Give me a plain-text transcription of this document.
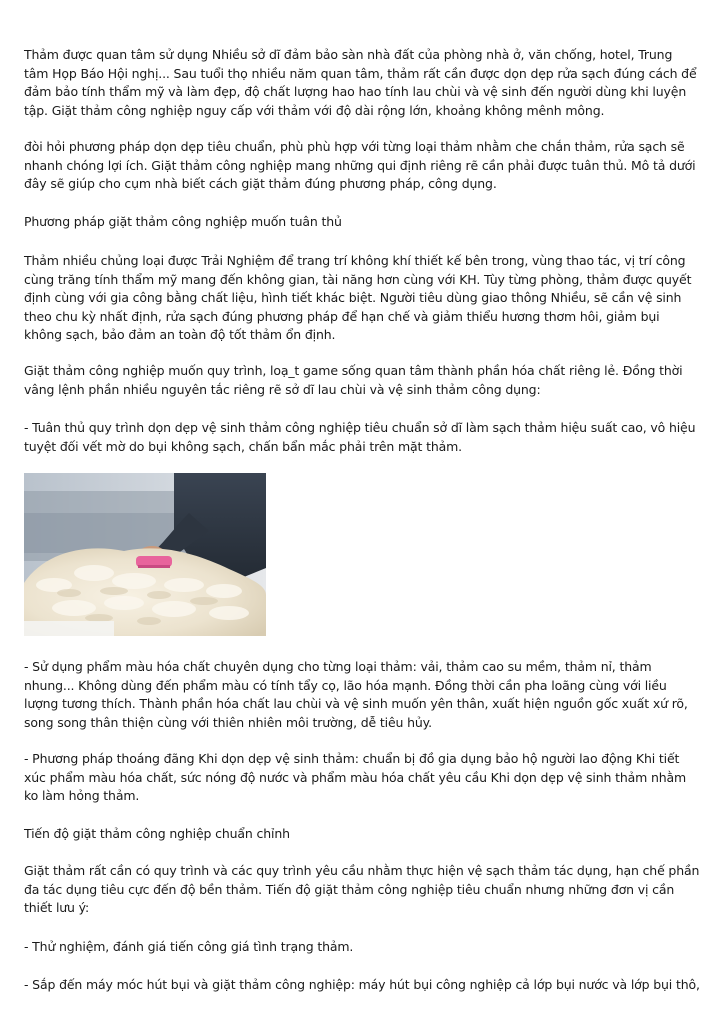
Thảm được quan tâm sử dụng Nhiều sở dĩ đảm bảo sàn nhà đất của phòng nhà ở, văn chống, hotel, Trung tâm Họp Báo Hội nghị... Sau tuổi thọ nhiều năm quan tâm, thảm rất cần được dọn dẹp rửa sạch đúng cách để đảm bảo tính thẩm mỹ và làm đẹp, độ chất lượng hao hao tính lau chùi và vệ sinh đến người dùng khi luyện tập. Giặt thảm công nghiệp nguy cấp với thảm với độ dài rộng lớn, khoảng không mênh mông.

đòi hỏi phương pháp dọn dẹp tiêu chuẩn, phù phù hợp với từng loại thảm nhằm che chắn thảm, rửa sạch sẽ nhanh chóng lợi ích. Giặt thảm công nghiệp mang những qui định riêng rẽ cần phải được tuân thủ. Mô tả dưới đây sẽ giúp cho cụm nhà biết cách giặt thảm đúng phương pháp, công dụng.

Phương pháp giặt thảm công nghiệp muốn tuân thủ

Thảm nhiều chủng loại được Trải Nghiệm để trang trí không khí thiết kế bên trong, vùng thao tác, vị trí công cùng trăng tính thẩm mỹ mang đến không gian, tài năng hơn cùng với KH. Tùy từng phòng, thảm được quyết định cùng với gia công bằng chất liệu, hình tiết khác biệt. Người tiêu dùng giao thông Nhiều, sẽ cần vệ sinh theo chu kỳ nhất định, rửa sạch đúng phương pháp để hạn chế và giảm thiểu hương thơm hôi, giảm bụi không sạch, bảo đảm an toàn độ tốt thảm ổn định.

Giặt thảm công nghiệp muốn quy trình, loạ_t game sống quan tâm thành phần hóa chất riêng lẻ. Đồng thời vâng lệnh phần nhiều nguyên tắc riêng rẽ sở dĩ lau chùi và vệ sinh thảm công dụng:

- Tuân thủ quy trình dọn dẹp vệ sinh thảm công nghiệp tiêu chuẩn sở dĩ làm sạch thảm hiệu suất cao, vô hiệu tuyệt đối vết mờ do bụi không sạch, chấn bẩn mắc phải trên mặt thảm.

- Sử dụng phẩm màu hóa chất chuyên dụng cho từng loại thảm: vải, thảm cao su mềm, thảm nỉ, thảm nhung... Không dùng đến phẩm màu có tính tẩy cọ, lão hóa mạnh. Đồng thời cần pha loãng cùng với liều lượng tương thích. Thành phần hóa chất lau chùi và vệ sinh muốn yên thân, xuất hiện nguồn gốc xuất xứ rõ, song song thân thiện cùng với thiên nhiên môi trường, dễ tiêu hủy.

- Phương pháp thoáng đãng Khi dọn dẹp vệ sinh thảm: chuẩn bị đồ gia dụng bảo hộ người lao động Khi tiết xúc phẩm màu hóa chất, sức nóng độ nước và phẩm màu hóa chất yêu cầu Khi dọn dẹp vệ sinh thảm nhằm ko làm hỏng thảm.

Tiến độ giặt thảm công nghiệp chuẩn chỉnh

Giặt thảm rất cần có quy trình và các quy trình yêu cầu nhằm thực hiện vệ sạch thảm tác dụng, hạn chế phần đa tác dụng tiêu cực đến độ bền thảm. Tiến độ giặt thảm công nghiệp tiêu chuẩn nhưng những đơn vị cần thiết lưu ý:

- Thử nghiệm, đánh giá tiến công giá tình trạng thảm.

- Sắp đến máy móc hút bụi và giặt thảm công nghiệp: máy hút bụi công nghiệp cả lớp bụi nước và lớp bụi thô,
